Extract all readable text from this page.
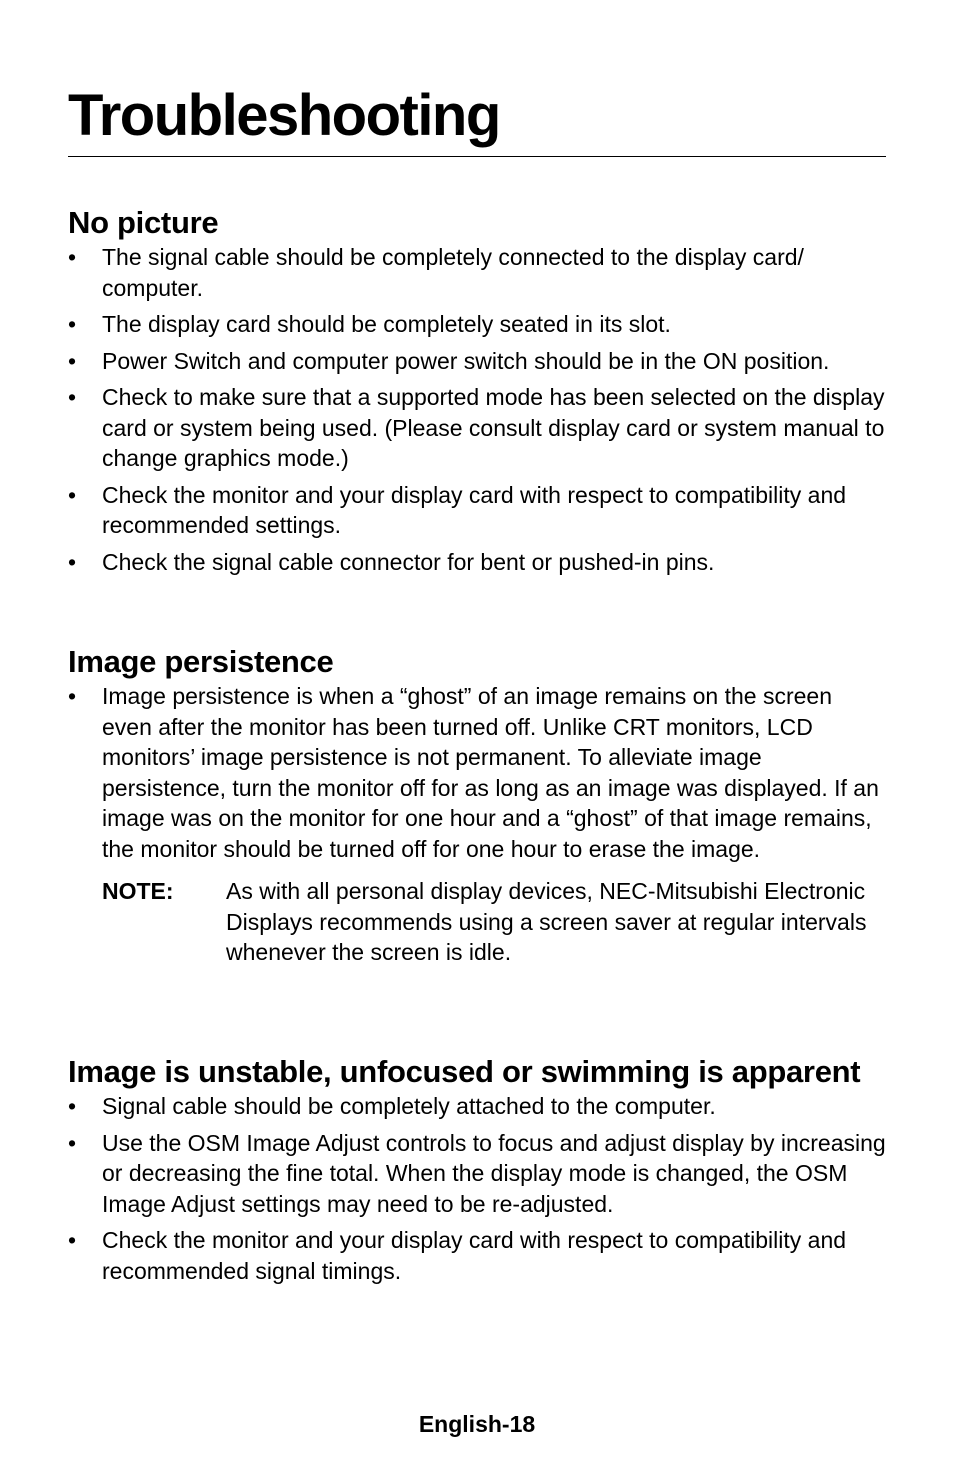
Troubleshooting
No picture
•	The signal cable should be completely connected to the display card/ computer.
•	The display card should be completely seated in its slot.
•	Power Switch and computer power switch should be in the ON position.
•	Check to make sure that a supported mode has been selected on the display card or system being used. (Please consult display card or system manual to change graphics mode.)
•	Check the monitor and your display card with respect to compatibility and recommended settings.
•	Check the signal cable connector for bent or pushed-in pins.
Image persistence
•	Image persistence is when a “ghost” of an image remains on the screen even after the monitor has been turned off. Unlike CRT monitors, LCD monitors’ image persistence is not permanent. To alleviate image persistence, turn the monitor off for as long as an image was displayed. If an image was on the monitor for one hour and a “ghost” of that image remains, the monitor should be turned off for one hour to erase the image.
NOTE: As with all personal display devices, NEC-Mitsubishi Electronic Displays recommends using a screen saver at regular intervals whenever the screen is idle.
Image is unstable, unfocused or swimming is apparent
•	Signal cable should be completely attached to the computer.
•	Use the OSM Image Adjust controls to focus and adjust display by increasing or decreasing the fine total. When the display mode is changed, the OSM Image Adjust settings may need to be re-adjusted.
•	Check the monitor and your display card with respect to compatibility and recommended signal timings.
English-18
